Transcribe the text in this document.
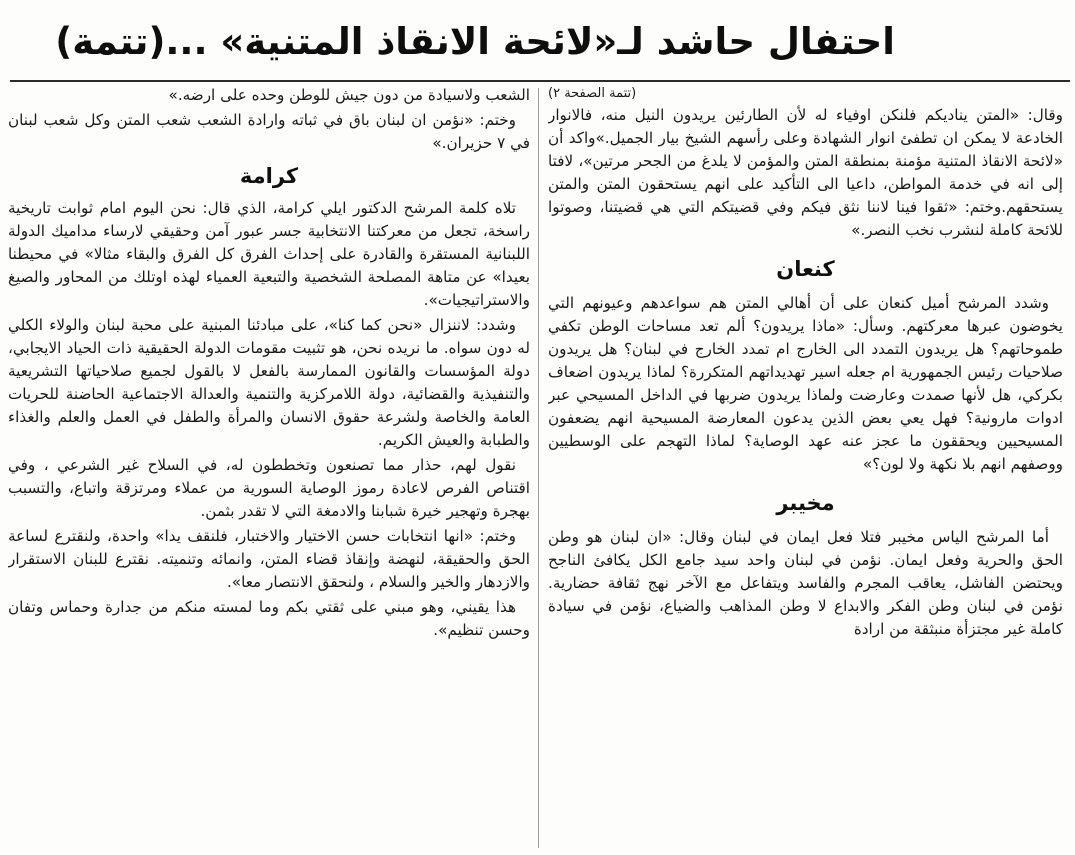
احتفال حاشد لـ«لائحة الانقاذ المتنية» ...(تتمة)
(تتمة الصفحة ٢)

وقال: «المتن يناديكم فلنكن اوفياء له لأن الطارئين يريدون النيل منه، فالانوار الخادعة لا يمكن ان تطفئ انوار الشهادة وعلى رأسهم الشيخ بيار الجميل.»واكد أن «لائحة الانقاذ المتنية مؤمنة بمنطقة المتن والمؤمن لا يلدغ من الجحر مرتين»، لافتا إلى انه في خدمة المواطن، داعيا الى التأكيد على انهم يستحقون المتن والمتن يستحقهم.وختم: «ثقوا فينا لاننا نثق فيكم وفي قضيتكم التي هي قضيتنا، وصوتوا للائحة كاملة لنشرب نخب النصر.»

كنعان

وشدد المرشح أميل كنعان على أن أهالي المتن هم سواعدهم وعيونهم التي يخوضون عبرها معركتهم. وسأل: «ماذا يريدون؟ ألم تعد مساحات الوطن تكفي طموحاتهم؟ هل يريدون التمدد الى الخارج ام تمدد الخارج في لبنان؟ هل يريدون صلاحيات رئيس الجمهورية ام جعله اسير تهديداتهم المتكررة؟ لماذا يريدون اضعاف بكركي، هل لأنها صمدت وعارضت ولماذا يريدون ضربها في الداخل المسيحي عبر ادوات مارونية؟ فهل يعي بعض الذين يدعون المعارضة المسيحية انهم يضعفون المسيحيين ويحققون ما عجز عنه عهد الوصاية؟ لماذا التهجم على الوسطيين ووصفهم انهم بلا نكهة ولا لون؟»

مخيبر

أما المرشح الياس مخيبر فتلا فعل ايمان في لبنان وقال: «ان لبنان هو وطن الحق والحرية وفعل ايمان. نؤمن في لبنان واحد سيد جامع الكل يكافئ الناجح ويحتضن الفاشل، يعاقب المجرم والفاسد ويتفاعل مع الآخر نهج ثقافة حضارية. نؤمن في لبنان وطن الفكر والابداع لا وطن المذاهب والضياع، نؤمن في سيادة كاملة غير مجتزأة منبثقة من ارادة

الشعب ولاسيادة من دون جيش للوطن وحده على ارضه.»

وختم: «نؤمن ان لبنان باق في ثباته وارادة الشعب شعب المتن وكل شعب لبنان في ٧ حزيران.»

كرامة

تلاه كلمة المرشح الدكتور ايلي كرامة، الذي قال: نحن اليوم امام ثوابت تاريخية راسخة، تجعل من معركتنا الانتخابية جسر عبور آمن وحقيقي لارساء مداميك الدولة اللبنانية المستقرة والقادرة على إحداث الفرق كل الفرق والبقاء مثالا» في محيطنا بعيدا» عن متاهة المصلحة الشخصية والتبعية العمياء لهذه اوتلك من المحاور والصيغ والاستراتيجيات».

وشدد: لاننزال «نحن كما كنا»، على مبادئنا المبنية على محبة لبنان والولاء الكلي له دون سواه. ما نريده نحن، هو تثبيت مقومات الدولة الحقيقية ذات الحياد الايجابي، دولة المؤسسات والقانون الممارسة بالفعل لا بالقول لجميع صلاحياتها التشريعية والتنفيذية والقضائية، دولة اللامركزية والتنمية والعدالة الاجتماعية الحاضنة للحريات العامة والخاصة ولشرعة حقوق الانسان والمرأة والطفل في العمل والعلم والغذاء والطبابة والعيش الكريم.

نقول لهم، حذار مما تصنعون وتخططون له، في السلاح غير الشرعي ، وفي اقتناص الفرص لاعادة رموز الوصاية السورية من عملاء ومرتزقة واتباع، والتسبب بهجرة وتهجير خيرة شبابنا والادمغة التي لا تقدر بثمن.

وختم: «انها انتخابات حسن الاختيار والاختبار، فلنقف يدا» واحدة، ولنقترع لساعة الحق والحقيقة، لنهضة وإنقاذ قضاء المتن، وانمائه وتنميته. نقترع للبنان الاستقرار والازدهار والخير والسلام ، ولنحقق الانتصار معا».

هذا يقيني، وهو مبني على ثقتي بكم وما لمسته منكم من جدارة وحماس وتفان وحسن تنظيم».
